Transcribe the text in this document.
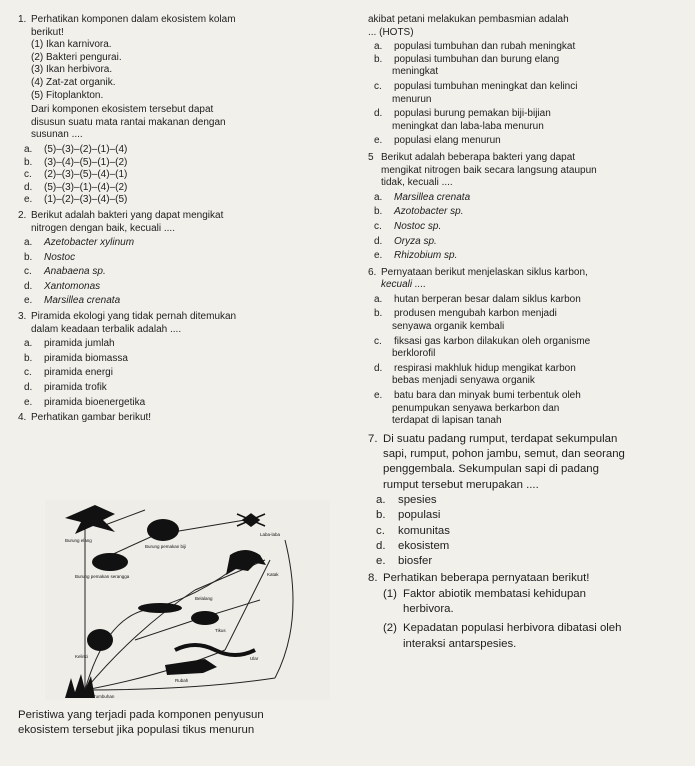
1. Perhatikan komponen dalam ekosistem kolam
berikut!
(1) Ikan karnivora.
(2) Bakteri pengurai.
(3) Ikan herbivora.
(4) Zat-zat organik.
(5) Fitoplankton.
Dari komponen ekosistem tersebut dapat
disusun suatu mata rantai makanan dengan
susunan ....
a.	(5)–(3)–(2)–(1)–(4)
b.	(3)–(4)–(5)–(1)–(2)
c.	(2)–(3)–(5)–(4)–(1)
d.	(5)–(3)–(1)–(4)–(2)
e.	(1)–(2)–(3)–(4)–(5)
2. Berikut adalah bakteri yang dapat mengikat
nitrogen dengan baik, kecuali ....
a.	Azetobacter xylinum
b.	Nostoc
c.	Anabaena sp.
d.	Xantomonas
e.	Marsillea crenata
3. Piramida ekologi yang tidak pernah ditemukan
dalam keadaan terbalik adalah ....
a.	piramida jumlah
b.	piramida biomassa
c.	piramida energi
d.	piramida trofik
e.	piramida bioenergetika
4. Perhatikan gambar berikut!
Burung elang
Burung pemakan biji
Belalang
Laba-laba
Tikus
Katak
Ular
Kelinci
Burung pemakan serangga
Rubah
Tumbuhan
Peristiwa yang terjadi pada komponen penyusun
ekosistem tersebut jika populasi tikus menurun
akibat petani melakukan pembasmian adalah
... (HOTS)
a.	populasi tumbuhan dan rubah meningkat
b.	populasi tumbuhan dan burung elang
meningkat
c.	populasi tumbuhan meningkat dan kelinci
menurun
d.	populasi burung pemakan biji-bijian
meningkat dan laba-laba menurun
e.	populasi elang menurun
5 Berikut adalah beberapa bakteri yang dapat
mengikat nitrogen baik secara langsung ataupun
tidak, kecuali ....
a.	Marsillea crenata
b.	Azotobacter sp.
c.	Nostoc sp.
d.	Oryza sp.
e.	Rhizobium sp.
6. Pernyataan berikut menjelaskan siklus karbon,
kecuali ....
a.	hutan berperan besar dalam siklus karbon
b.	produsen mengubah karbon menjadi
senyawa organik kembali
c.	fiksasi gas karbon dilakukan oleh organisme
berklorofil
d.	respirasi makhluk hidup mengikat karbon
bebas menjadi senyawa organik
e.	batu bara dan minyak bumi terbentuk oleh
penumpukan senyawa berkarbon dan
terdapat di lapisan tanah
7. Di suatu padang rumput, terdapat sekumpulan
sapi, rumput, pohon jambu, semut, dan seorang
penggembala. Sekumpulan sapi di padang
rumput tersebut merupakan ....
a.	spesies
b.	populasi
c.	komunitas
d.	ekosistem
e.	biosfer
8. Perhatikan beberapa pernyataan berikut!
(1) Faktor abiotik membatasi kehidupan
herbivora.
(2) Kepadatan populasi herbivora dibatasi oleh
interaksi antarspesies.
